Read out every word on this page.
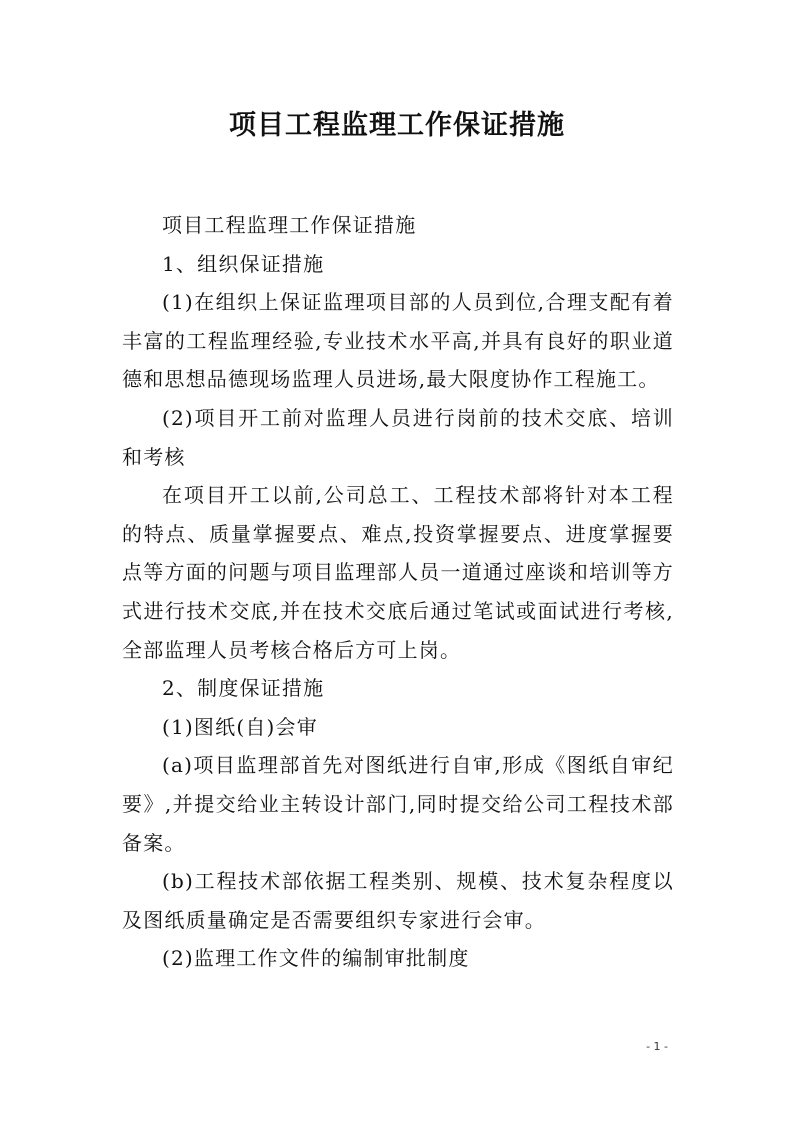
项目工程监理工作保证措施

项目工程监理工作保证措施

1、组织保证措施

(1)在组织上保证监理项目部的人员到位,合理支配有着丰富的工程监理经验,专业技术水平高,并具有良好的职业道德和思想品德现场监理人员进场,最大限度协作工程施工。

(2)项目开工前对监理人员进行岗前的技术交底、培训和考核

在项目开工以前,公司总工、工程技术部将针对本工程的特点、质量掌握要点、难点,投资掌握要点、进度掌握要点等方面的问题与项目监理部人员一道通过座谈和培训等方式进行技术交底,并在技术交底后通过笔试或面试进行考核,全部监理人员考核合格后方可上岗。

2、制度保证措施

(1)图纸(自)会审

(a)项目监理部首先对图纸进行自审,形成《图纸自审纪要》,并提交给业主转设计部门,同时提交给公司工程技术部备案。

(b)工程技术部依据工程类别、规模、技术复杂程度以及图纸质量确定是否需要组织专家进行会审。

(2)监理工作文件的编制审批制度

- 1 -
